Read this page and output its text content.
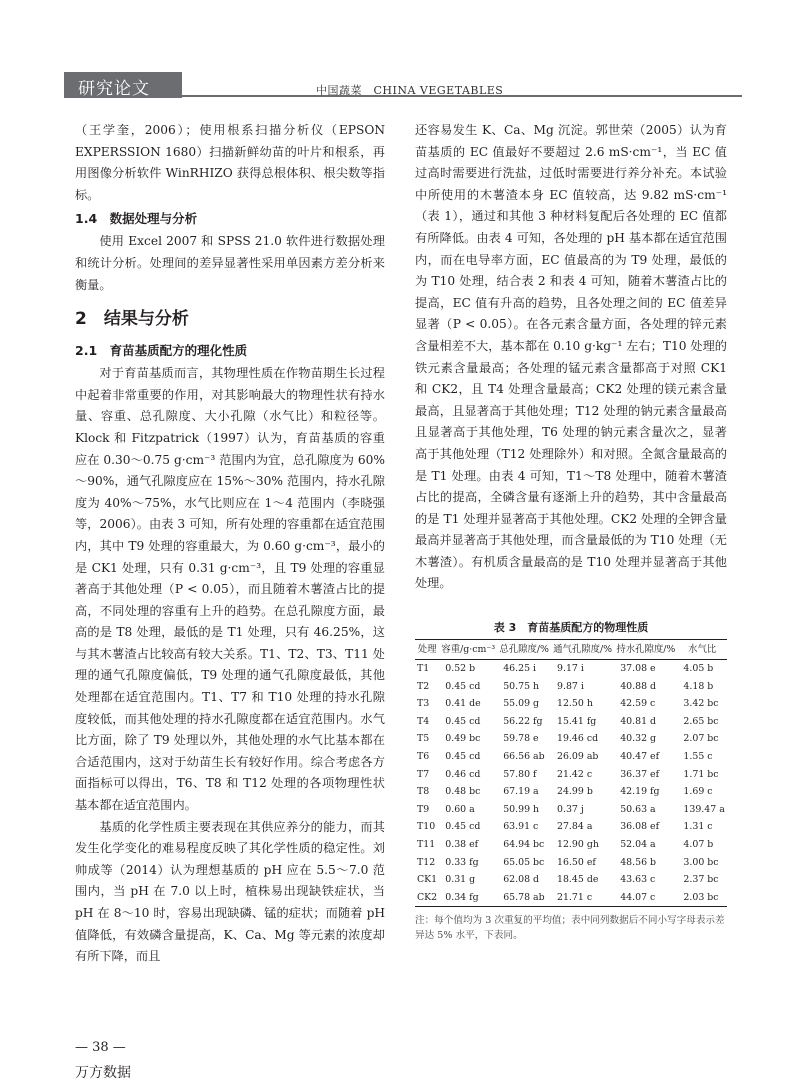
研究论文	中国蔬菜　CHINA VEGETABLES

（王学奎，2006）；使用根系扫描分析仪（EPSON EXPERSSION 1680）扫描新鲜幼苗的叶片和根系，再用图像分析软件 WinRHIZO 获得总根体积、根尖数等指标。

1.4　数据处理与分析

使用 Excel 2007 和 SPSS 21.0 软件进行数据处理和统计分析。处理间的差异显著性采用单因素方差分析来衡量。

2　结果与分析
2.1　育苗基质配方的理化性质

对于育苗基质而言，其物理性质在作物苗期生长过程中起着非常重要的作用，对其影响最大的物理性状有持水量、容重、总孔隙度、大小孔隙（水气比）和粒径等。Klock 和 Fitzpatrick（1997）认为，育苗基质的容重应在 0.30～0.75 g·cm⁻³ 范围内为宜，总孔隙度为 60%～90%，通气孔隙度应在 15%～30% 范围内，持水孔隙度为 40%～75%，水气比则应在 1～4 范围内（李晓强 等，2006）。由表 3 可知，所有处理的容重都在适宜范围内，其中 T9 处理的容重最大，为 0.60 g·cm⁻³，最小的是 CK1 处理，只有 0.31 g·cm⁻³，且 T9 处理的容重显著高于其他处理（P < 0.05），而且随着木薯渣占比的提高，不同处理的容重有上升的趋势。在总孔隙度方面，最高的是 T8 处理，最低的是 T1 处理，只有 46.25%，这与其木薯渣占比较高有较大关系。T1、T2、T3、T11 处理的通气孔隙度偏低，T9 处理的通气孔隙度最低，其他处理都在适宜范围内。T1、T7 和 T10 处理的持水孔隙度较低，而其他处理的持水孔隙度都在适宜范围内。水气比方面，除了 T9 处理以外，其他处理的水气比基本都在合适范围内，这对于幼苗生长有较好作用。综合考虑各方面指标可以得出，T6、T8 和 T12 处理的各项物理性状基本都在适宜范围内。

基质的化学性质主要表现在其供应养分的能力，而其发生化学变化的难易程度反映了其化学性质的稳定性。刘帅成等（2014）认为理想基质的 pH 应在 5.5～7.0 范围内，当 pH 在 7.0 以上时，植株易出现缺铁症状，当 pH 在 8～10 时，容易出现缺磷、锰的症状；而随着 pH 值降低，有效磷含量提高，K、Ca、Mg 等元素的浓度却有所下降，而且

还容易发生 K、Ca、Mg 沉淀。郭世荣（2005）认为育苗基质的 EC 值最好不要超过 2.6 mS·cm⁻¹，当 EC 值过高时需要进行洗盐，过低时需要进行养分补充。本试验中所使用的木薯渣本身 EC 值较高，达 9.82 mS·cm⁻¹（表 1），通过和其他 3 种材料复配后各处理的 EC 值都有所降低。由表 4 可知，各处理的 pH 基本都在适宜范围内，而在电导率方面，EC 值最高的为 T9 处理，最低的为 T10 处理，结合表 2 和表 4 可知，随着木薯渣占比的提高，EC 值有升高的趋势，且各处理之间的 EC 值差异显著（P < 0.05）。在各元素含量方面，各处理的锌元素含量相差不大，基本都在 0.10 g·kg⁻¹ 左右；T10 处理的铁元素含量最高；各处理的锰元素含量都高于对照 CK1 和 CK2，且 T4 处理含量最高；CK2 处理的镁元素含量最高，且显著高于其他处理；T12 处理的钠元素含量最高且显著高于其他处理，T6 处理的钠元素含量次之，显著高于其他处理（T12 处理除外）和对照。全氮含量最高的是 T1 处理。由表 4 可知，T1～T8 处理中，随着木薯渣占比的提高，全磷含量有逐渐上升的趋势，其中含量最高的是 T1 处理并显著高于其他处理。CK2 处理的全钾含量最高并显著高于其他处理，而含量最低的为 T10 处理（无木薯渣）。有机质含量最高的是 T10 处理并显著高于其他处理。

表 3　育苗基质配方的物理性质
处理	容重/g·cm⁻³	总孔隙度/%	通气孔隙度/%	持水孔隙度/%	水气比
T1	0.52 b	46.25 i	9.17 i	37.08 e	4.05 b
T2	0.45 cd	50.75 h	9.87 i	40.88 d	4.18 b
T3	0.41 de	55.09 g	12.50 h	42.59 c	3.42 bc
T4	0.45 cd	56.22 fg	15.41 fg	40.81 d	2.65 bc
T5	0.49 bc	59.78 e	19.46 cd	40.32 g	2.07 bc
T6	0.45 cd	66.56 ab	26.09 ab	40.47 ef	1.55 c
T7	0.46 cd	57.80 f	21.42 c	36.37 ef	1.71 bc
T8	0.48 bc	67.19 a	24.99 b	42.19 fg	1.69 c
T9	0.60 a	50.99 h	0.37 j	50.63 a	139.47 a
T10	0.45 cd	63.91 c	27.84 a	36.08 ef	1.31 c
T11	0.38 ef	64.94 bc	12.90 gh	52.04 a	4.07 b
T12	0.33 fg	65.05 bc	16.50 ef	48.56 b	3.00 bc
CK1	0.31 g	62.08 d	18.45 de	43.63 c	2.37 bc
CK2	0.34 fg	65.78 ab	21.71 c	44.07 c	2.03 bc
注：每个值均为 3 次重复的平均值；表中同列数据后不同小写字母表示差异达 5% 水平，下表同。
— 38 —
万方数据
